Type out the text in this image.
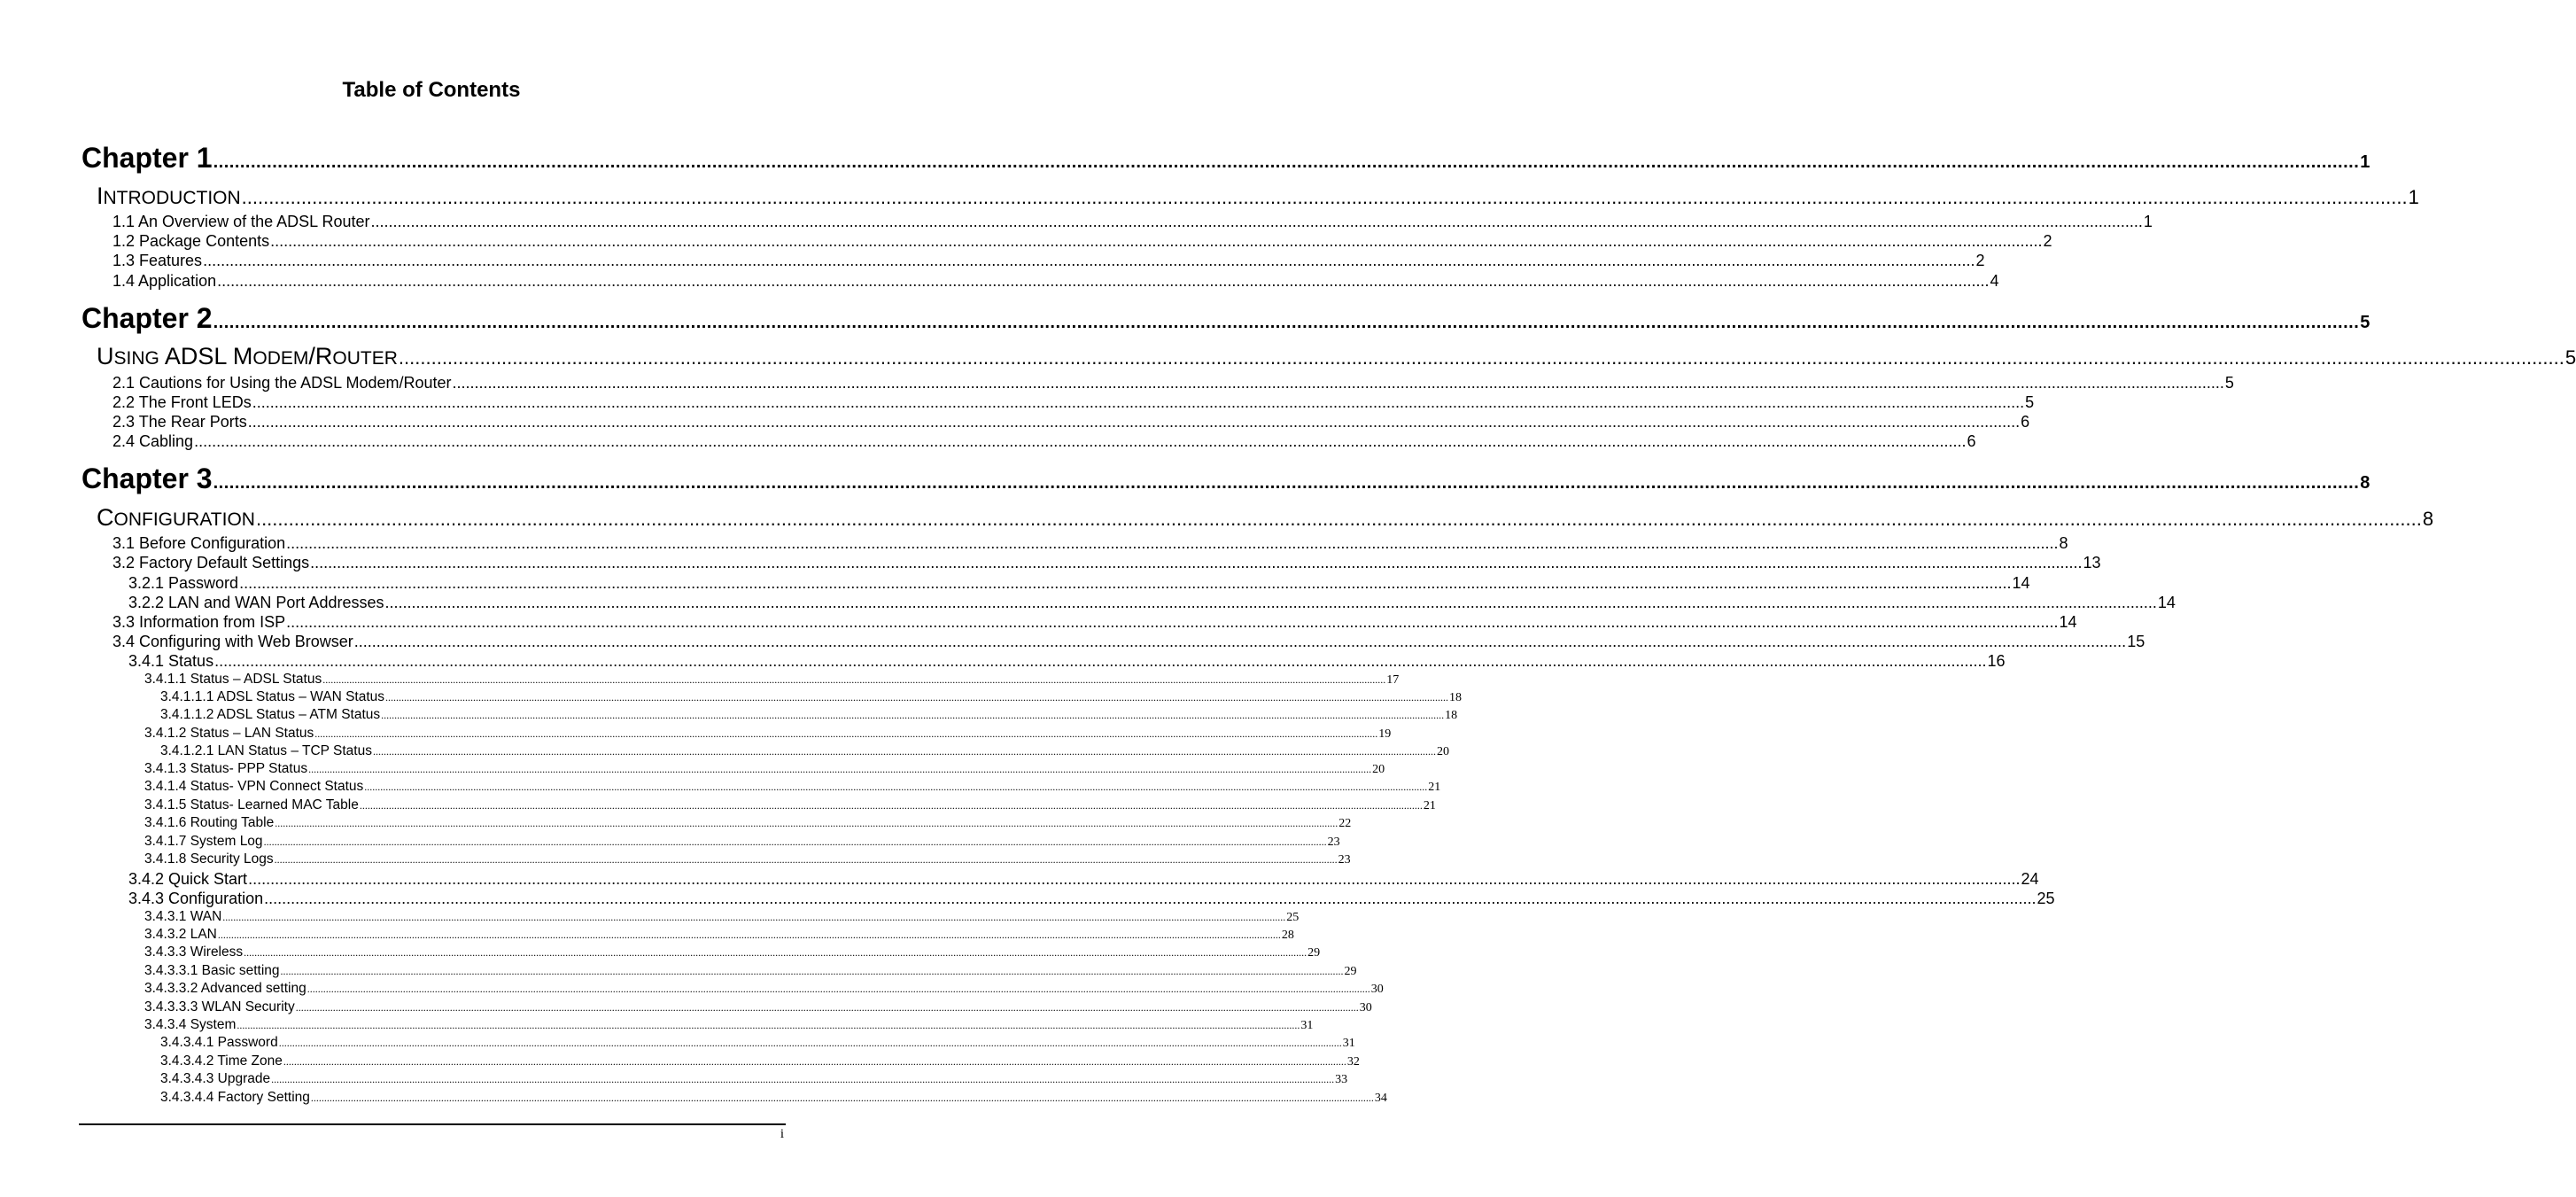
Table of Contents
Chapter 1 ................................................................................................................................................................................................................................................................................................................................................................................................................ 1
INTRODUCTION ................................................................................................................................................................................................................................................................................................................................................................................................................ 1
1.1 An Overview of the ADSL Router ................................................................................................................................................................................................................................................................................................................................................................................................................ 1
1.2 Package Contents ................................................................................................................................................................................................................................................................................................................................................................................................................ 2
1.3 Features ................................................................................................................................................................................................................................................................................................................................................................................................................ 2
1.4 Application ................................................................................................................................................................................................................................................................................................................................................................................................................ 4
Chapter 2 ................................................................................................................................................................................................................................................................................................................................................................................................................ 5
USING ADSL MODEM/ROUTER ................................................................................................................................................................................................................................................................................................................................................................................................................ 5
2.1 Cautions for Using the ADSL Modem/Router ................................................................................................................................................................................................................................................................................................................................................................................................................ 5
2.2 The Front LEDs ................................................................................................................................................................................................................................................................................................................................................................................................................ 5
2.3 The Rear Ports ................................................................................................................................................................................................................................................................................................................................................................................................................ 6
2.4 Cabling ................................................................................................................................................................................................................................................................................................................................................................................................................ 6
Chapter 3 ................................................................................................................................................................................................................................................................................................................................................................................................................ 8
CONFIGURATION ................................................................................................................................................................................................................................................................................................................................................................................................................ 8
3.1 Before Configuration ................................................................................................................................................................................................................................................................................................................................................................................................................ 8
3.2 Factory Default Settings ................................................................................................................................................................................................................................................................................................................................................................................................................ 13
3.2.1 Password ................................................................................................................................................................................................................................................................................................................................................................................................................ 14
3.2.2 LAN and WAN Port Addresses ................................................................................................................................................................................................................................................................................................................................................................................................................ 14
3.3 Information from ISP ................................................................................................................................................................................................................................................................................................................................................................................................................ 14
3.4 Configuring with Web Browser ................................................................................................................................................................................................................................................................................................................................................................................................................ 15
3.4.1 Status ................................................................................................................................................................................................................................................................................................................................................................................................................ 16
3.4.1.1 Status – ADSL Status ................................................................................................................................................................................................................................................................................................................................................................................................................ 17
3.4.1.1.1 ADSL Status – WAN Status ................................................................................................................................................................................................................................................................................................................................................................................................................ 18
3.4.1.1.2 ADSL Status – ATM Status ................................................................................................................................................................................................................................................................................................................................................................................................................ 18
3.4.1.2 Status – LAN Status ................................................................................................................................................................................................................................................................................................................................................................................................................ 19
3.4.1.2.1 LAN Status – TCP Status ................................................................................................................................................................................................................................................................................................................................................................................................................ 20
3.4.1.3 Status- PPP Status ................................................................................................................................................................................................................................................................................................................................................................................................................ 20
3.4.1.4 Status- VPN Connect Status ................................................................................................................................................................................................................................................................................................................................................................................................................ 21
3.4.1.5 Status- Learned MAC Table ................................................................................................................................................................................................................................................................................................................................................................................................................ 21
3.4.1.6 Routing Table ................................................................................................................................................................................................................................................................................................................................................................................................................ 22
3.4.1.7 System Log ................................................................................................................................................................................................................................................................................................................................................................................................................ 23
3.4.1.8 Security Logs ................................................................................................................................................................................................................................................................................................................................................................................................................ 23
3.4.2 Quick Start ................................................................................................................................................................................................................................................................................................................................................................................................................ 24
3.4.3 Configuration ................................................................................................................................................................................................................................................................................................................................................................................................................ 25
3.4.3.1 WAN ................................................................................................................................................................................................................................................................................................................................................................................................................ 25
3.4.3.2 LAN ................................................................................................................................................................................................................................................................................................................................................................................................................ 28
3.4.3.3 Wireless ................................................................................................................................................................................................................................................................................................................................................................................................................ 29
3.4.3.3.1 Basic setting ................................................................................................................................................................................................................................................................................................................................................................................................................ 29
3.4.3.3.2 Advanced setting ................................................................................................................................................................................................................................................................................................................................................................................................................ 30
3.4.3.3.3 WLAN Security ................................................................................................................................................................................................................................................................................................................................................................................................................ 30
3.4.3.4 System ................................................................................................................................................................................................................................................................................................................................................................................................................ 31
3.4.3.4.1 Password ................................................................................................................................................................................................................................................................................................................................................................................................................ 31
3.4.3.4.2 Time Zone ................................................................................................................................................................................................................................................................................................................................................................................................................ 32
3.4.3.4.3 Upgrade ................................................................................................................................................................................................................................................................................................................................................................................................................ 33
3.4.3.4.4 Factory Setting ................................................................................................................................................................................................................................................................................................................................................................................................................ 34
i
